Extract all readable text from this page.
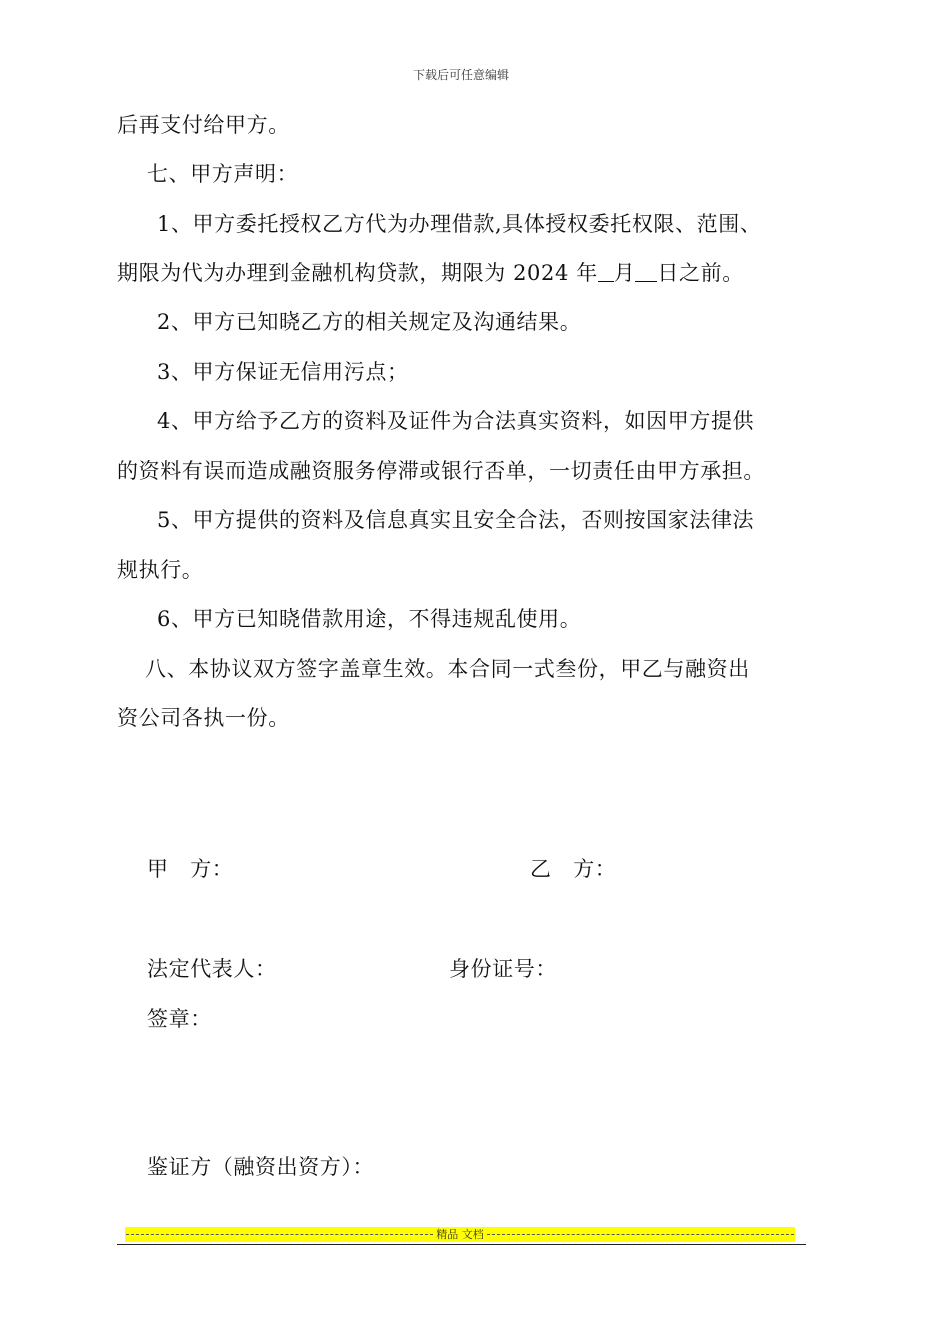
下载后可任意编辑
后再支付给甲方。
七、甲方声明：
1、甲方委托授权乙方代为办理借款,具体授权委托权限、范围、
期限为代为办理到金融机构贷款，期限为 2024 年 月 日之前。
2、甲方已知晓乙方的相关规定及沟通结果。
3、甲方保证无信用污点；
4、甲方给予乙方的资料及证件为合法真实资料，如因甲方提供
的资料有误而造成融资服务停滞或银行否单，一切责任由甲方承担。
5、甲方提供的资料及信息真实且安全合法，否则按国家法律法
规执行。
6、甲方已知晓借款用途，不得违规乱使用。
八、本协议双方签字盖章生效。本合同一式叁份，甲乙与融资出
资公司各执一份。
甲　方：	乙　方：
法定代表人：	身份证号：
签章：
鉴证方（融资出资方）：
精品 文档
